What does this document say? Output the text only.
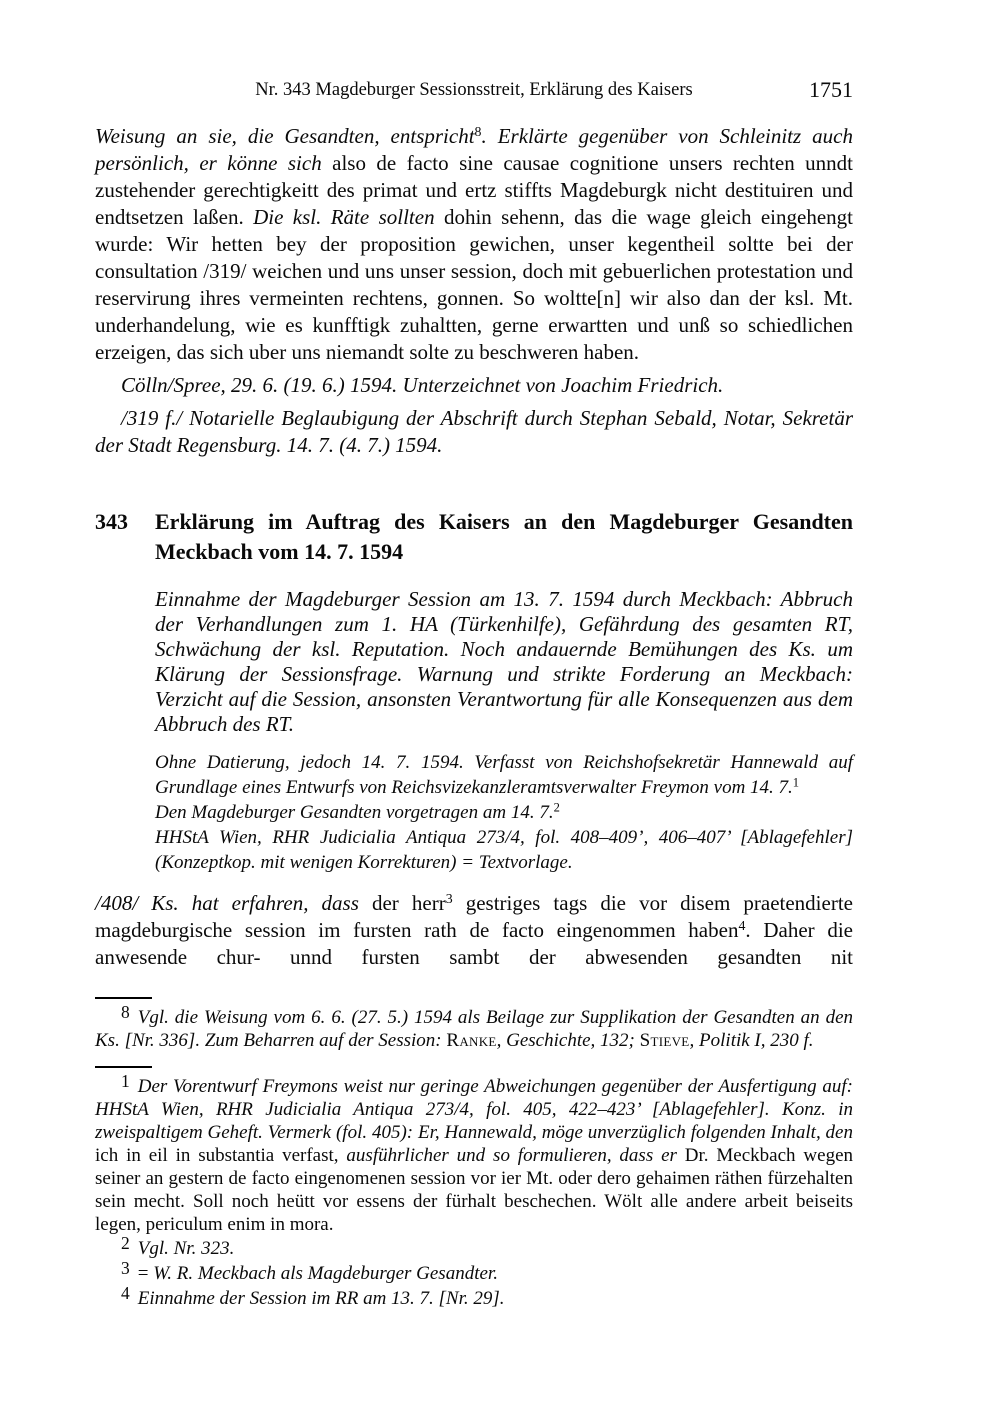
Nr. 343 Magdeburger Sessionsstreit, Erklärung des Kaisers	1751

Weisung an sie, die Gesandten, entspricht$^8$. Erklärte gegenüber von Schleinitz auch persönlich, er könne sich also de facto sine causae cognitione unsers rechten unndt zustehender gerechtigkeitt des primat und ertz stiffts Magdeburgk nicht destituiren und endtsetzen laßen. Die ksl. Räte sollten dohin sehenn, das die wage gleich eingehengt wurde: Wir hetten bey der proposition gewichen, unser kegentheil soltte bei der consultation /319/ weichen und uns unser session, doch mit gebuerlichen protestation und reservirung ihres vermeinten rechtens, gonnen. So woltte[n] wir also dan der ksl. Mt. underhandelung, wie es kunfftigk zuhaltten, gerne erwartten und unß so schiedlichen erzeigen, das sich uber uns niemandt solte zu beschweren haben.

Cölln/Spree, 29. 6. (19. 6.) 1594. Unterzeichnet von Joachim Friedrich.

/319 f./ Notarielle Beglaubigung der Abschrift durch Stephan Sebald, Notar, Sekretär der Stadt Regensburg. 14. 7. (4. 7.) 1594.

343 Erklärung im Auftrag des Kaisers an den Magdeburger Gesandten Meckbach vom 14. 7. 1594

Einnahme der Magdeburger Session am 13. 7. 1594 durch Meckbach: Abbruch der Verhandlungen zum 1. HA (Türkenhilfe), Gefährdung des gesamten RT, Schwächung der ksl. Reputation. Noch andauernde Bemühungen des Ks. um Klärung der Sessionsfrage. Warnung und strikte Forderung an Meckbach: Verzicht auf die Session, ansonsten Verantwortung für alle Konsequenzen aus dem Abbruch des RT.

Ohne Datierung, jedoch 14. 7. 1594. Verfasst von Reichshofsekretär Hannewald auf Grundlage eines Entwurfs von Reichsvizekanzleramtsverwalter Freymon vom 14. 7.$^1$

Den Magdeburger Gesandten vorgetragen am 14. 7.$^2$

HHStA Wien, RHR Judicialia Antiqua 273/4, fol. 408–409’, 406–407’ [Ablagefehler] (Konzeptkop. mit wenigen Korrekturen) = Textvorlage.

/408/ Ks. hat erfahren, dass der herr$^3$ gestriges tags die vor disem praetendierte magdeburgische session im fursten rath de facto eingenommen haben$^4$. Daher die anwesende chur- unnd fursten sambt der abwesenden gesandten nit

8 Vgl. die Weisung vom 6. 6. (27. 5.) 1594 als Beilage zur Supplikation der Gesandten an den Ks. [Nr. 336]. Zum Beharren auf der Session: Ranke, Geschichte, 132; Stieve, Politik I, 230 f.

1 Der Vorentwurf Freymons weist nur geringe Abweichungen gegenüber der Ausfertigung auf: HHStA Wien, RHR Judicialia Antiqua 273/4, fol. 405, 422–423’ [Ablagefehler]. Konz. in zweispaltigem Geheft. Vermerk (fol. 405): Er, Hannewald, möge unverzüglich folgenden Inhalt, den ich in eil in substantia verfast, ausführlicher und so formulieren, dass er Dr. Meckbach wegen seiner an gestern de facto eingenomenen session vor ier Mt. oder dero gehaimen räthen fürzehalten sein mecht. Soll noch heütt vor essens der fürhalt beschechen. Wölt alle andere arbeit beiseits legen, periculum enim in mora.

2 Vgl. Nr. 323.

3 = W. R. Meckbach als Magdeburger Gesandter.

4 Einnahme der Session im RR am 13. 7. [Nr. 29].
